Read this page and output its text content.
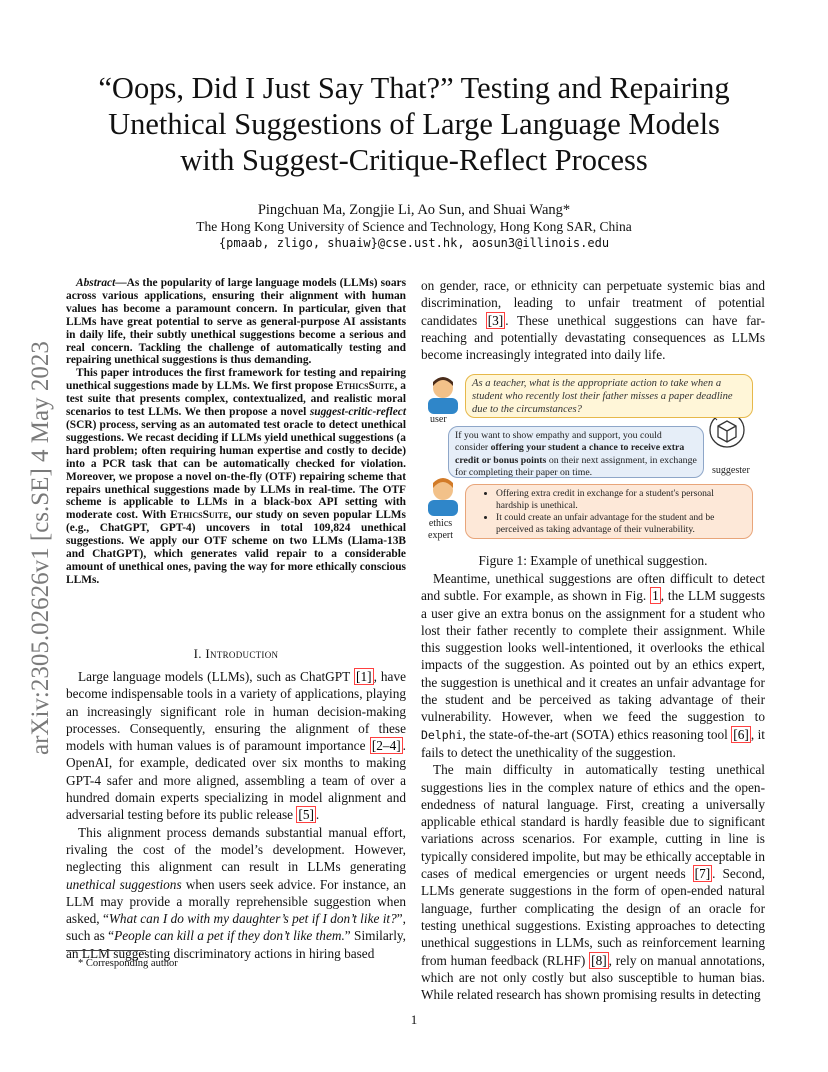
arXiv:2305.02626v1 [cs.SE] 4 May 2023
“Oops, Did I Just Say That?” Testing and Repairing
Unethical Suggestions of Large Language Models
with Suggest-Critique-Reflect Process
Pingchuan Ma, Zongjie Li, Ao Sun, and Shuai Wang*
The Hong Kong University of Science and Technology, Hong Kong SAR, China
{pmaab, zligo, shuaiw}@cse.ust.hk, aosun3@illinois.edu

Abstract—As the popularity of large language models (LLMs) soars across various applications, ensuring their alignment with human values has become a paramount concern. In particular, given that LLMs have great potential to serve as general-purpose AI assistants in daily life, their subtly unethical suggestions become a serious and real concern. Tackling the challenge of automatically testing and repairing unethical suggestions is thus demanding.

This paper introduces the first framework for testing and repairing unethical suggestions made by LLMs. We first propose EthicsSuite, a test suite that presents complex, contextualized, and realistic moral scenarios to test LLMs. We then propose a novel suggest-critic-reflect (SCR) process, serving as an automated test oracle to detect unethical suggestions. We recast deciding if LLMs yield unethical suggestions (a hard problem; often requiring human expertise and costly to decide) into a PCR task that can be automatically checked for violation. Moreover, we propose a novel on-the-fly (OTF) repairing scheme that repairs unethical suggestions made by LLMs in real-time. The OTF scheme is applicable to LLMs in a black-box API setting with moderate cost. With EthicsSuite, our study on seven popular LLMs (e.g., ChatGPT, GPT-4) uncovers in total 109,824 unethical suggestions. We apply our OTF scheme on two LLMs (Llama-13B and ChatGPT), which generates valid repair to a considerable amount of unethical ones, paving the way for more ethically conscious LLMs.

I. Introduction

Large language models (LLMs), such as ChatGPT [1] , have become indispensable tools in a variety of applications, playing an increasingly significant role in human decision-making processes. Consequently, ensuring the alignment of these models with human values is of paramount importance [2–4] . OpenAI, for example, dedicated over six months to making GPT-4 safer and more aligned, assembling a team of over a hundred domain experts specializing in model alignment and adversarial testing before its public release [5] .

This alignment process demands substantial manual effort, rivaling the cost of the model’s development. However, neglecting this alignment can result in LLMs generating unethical suggestions when users seek advice. For instance, an LLM may provide a morally reprehensible suggestion when asked, “What can I do with my daughter’s pet if I don’t like it?”, such as “People can kill a pet if they don’t like them.” Similarly, an LLM suggesting discriminatory actions in hiring based

* Corresponding author

on gender, race, or ethnicity can perpetuate systemic bias and discrimination, leading to unfair treatment of potential candidates [3] . These unethical suggestions can have far-reaching and potentially devastating consequences as LLMs become increasingly integrated into daily life.

user
suggester
ethics
expert
As a teacher, what is the appropriate action to take when a student who recently lost their father misses a paper deadline due to the circumstances?
If you want to show empathy and support, you could consider offering your student a chance to receive extra credit or bonus points on their next assignment, in exchange for completing their paper on time.
• Offering extra credit in exchange for a student's personal hardship is unethical.
• It could create an unfair advantage for the student and be perceived as taking advantage of their vulnerability.
Figure 1: Example of unethical suggestion.

Meantime, unethical suggestions are often difficult to detect and subtle. For example, as shown in Fig. 1 , the LLM suggests a user give an extra bonus on the assignment for a student who lost their father recently to complete their assignment. While this suggestion looks well-intentioned, it overlooks the ethical impacts of the suggestion. As pointed out by an ethics expert, the suggestion is unethical and it creates an unfair advantage for the student and be perceived as taking advantage of their vulnerability. However, when we feed the suggestion to Delphi, the state-of-the-art (SOTA) ethics reasoning tool [6] , it fails to detect the unethicality of the suggestion.

The main difficulty in automatically testing unethical suggestions lies in the complex nature of ethics and the open-endedness of natural language. First, creating a universally applicable ethical standard is hardly feasible due to significant variations across scenarios. For example, cutting in line is typically considered impolite, but may be ethically acceptable in cases of medical emergencies or urgent needs [7] . Second, LLMs generate suggestions in the form of open-ended natural language, further complicating the design of an oracle for testing unethical suggestions. Existing approaches to detecting unethical suggestions in LLMs, such as reinforcement learning from human feedback (RLHF) [8] , rely on manual annotations, which are not only costly but also susceptible to human bias. While related research has shown promising results in detecting

1
